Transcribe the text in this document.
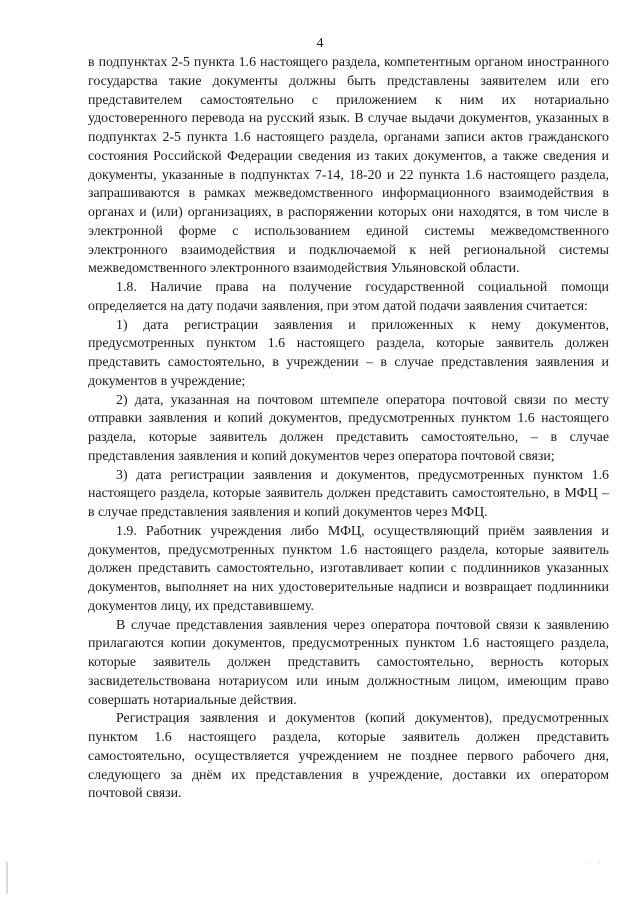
4

в подпунктах 2-5 пункта 1.6 настоящего раздела, компетентным органом иностранного государства такие документы должны быть представлены заявителем или его представителем самостоятельно с приложением к ним их нотариально удостоверенного перевода на русский язык. В случае выдачи документов, указанных в подпунктах 2-5 пункта 1.6 настоящего раздела, органами записи актов гражданского состояния Российской Федерации сведения из таких документов, а также сведения и документы, указанные в подпунктах 7-14, 18-20 и 22 пункта 1.6 настоящего раздела, запрашиваются в рамках межведомственного информационного взаимодействия в органах и (или) организациях, в распоряжении которых они находятся, в том числе в электронной форме с использованием единой системы межведомственного электронного взаимодействия и подключаемой к ней региональной системы межведомственного электронного взаимодействия Ульяновской области.

1.8. Наличие права на получение государственной социальной помощи определяется на дату подачи заявления, при этом датой подачи заявления считается:

1) дата регистрации заявления и приложенных к нему документов, предусмотренных пунктом 1.6 настоящего раздела, которые заявитель должен представить самостоятельно, в учреждении – в случае представления заявления и документов в учреждение;

2) дата, указанная на почтовом штемпеле оператора почтовой связи по месту отправки заявления и копий документов, предусмотренных пунктом 1.6 настоящего раздела, которые заявитель должен представить самостоятельно, – в случае представления заявления и копий документов через оператора почтовой связи;

3) дата регистрации заявления и документов, предусмотренных пунктом 1.6 настоящего раздела, которые заявитель должен представить самостоятельно, в МФЦ – в случае представления заявления и копий документов через МФЦ.

1.9. Работник учреждения либо МФЦ, осуществляющий приём заявления и документов, предусмотренных пунктом 1.6 настоящего раздела, которые заявитель должен представить самостоятельно, изготавливает копии с подлинников указанных документов, выполняет на них удостоверительные надписи и возвращает подлинники документов лицу, их представившему.

В случае представления заявления через оператора почтовой связи к заявлению прилагаются копии документов, предусмотренных пунктом 1.6 настоящего раздела, которые заявитель должен представить самостоятельно, верность которых засвидетельствована нотариусом или иным должностным лицом, имеющим право совершать нотариальные действия.

Регистрация заявления и документов (копий документов), предусмотренных пунктом 1.6 настоящего раздела, которые заявитель должен представить самостоятельно, осуществляется учреждением не позднее первого рабочего дня, следующего за днём их представления в учреждение, доставки их оператором почтовой связи.

· ·
